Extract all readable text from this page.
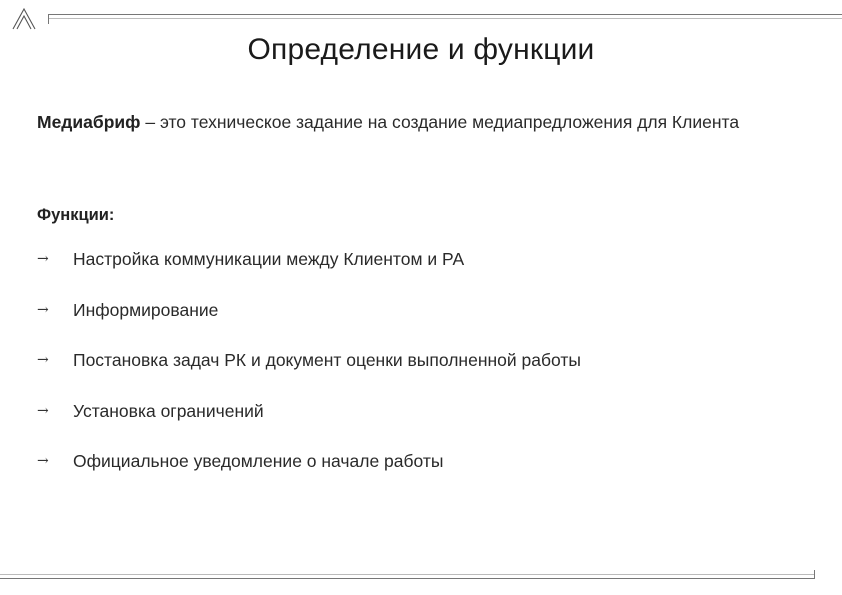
Определение и функции
Медиабриф – это техническое задание на создание медиапредложения для Клиента
Функции:
→	Настройка коммуникации между Клиентом и РА
→	Информирование
→	Постановка задач РК и документ оценки выполненной работы
→	Установка ограничений
→	Официальное уведомление о начале работы
